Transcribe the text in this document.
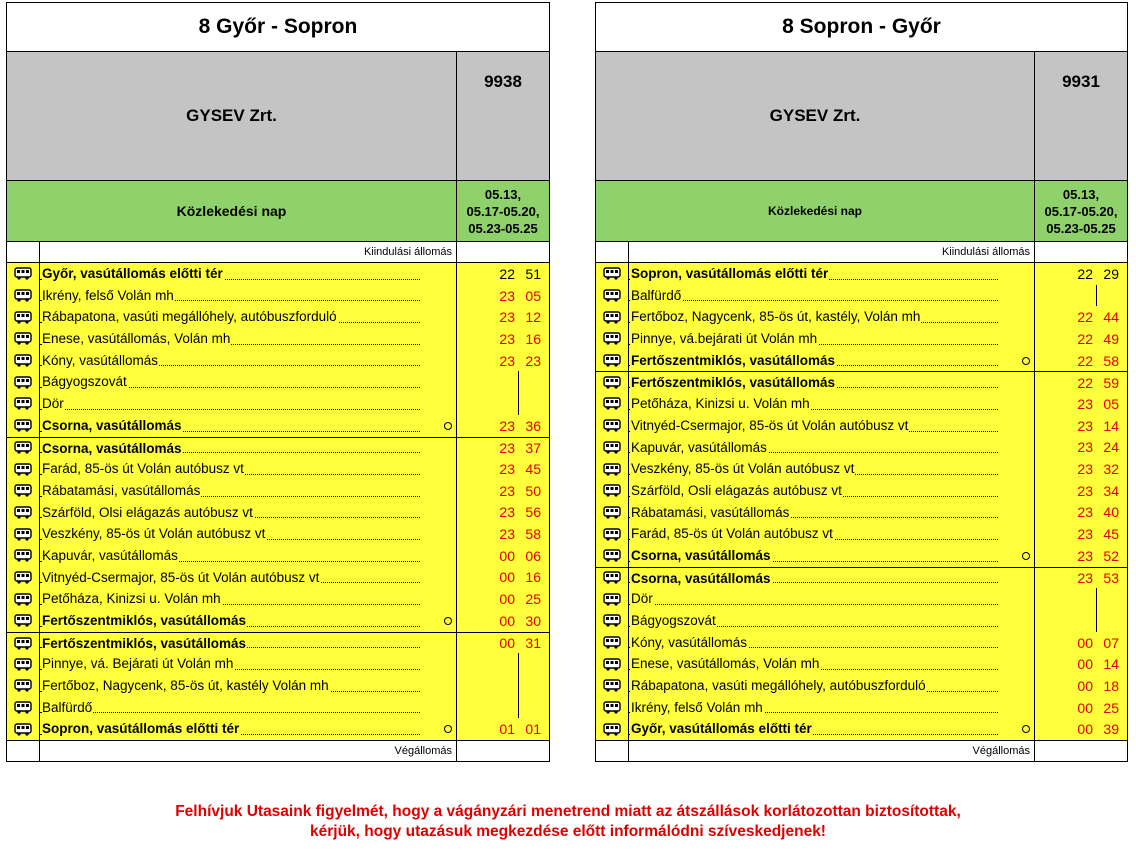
8 Győr - Sopron
GYSEV Zrt.
9938
Közlekedési nap
05.13,
05.17-05.20,
05.23-05.25
Kiindulási állomás
Győr, vasútállomás előtti tér	22 51
Ikrény, felső Volán mh	23 05
Rábapatona, vasúti megállóhely, autóbuszforduló	23 12
Enese, vasútállomás, Volán mh	23 16
Kóny, vasútállomás	23 23
Bágyogszovát
Dör
Csorna, vasútállomás	23 36
Csorna, vasútállomás	23 37
Farád, 85-ös út Volán autóbusz vt	23 45
Rábatamási, vasútállomás	23 50
Szárföld, Olsi elágazás autóbusz vt	23 56
Veszkény, 85-ös út Volán autóbusz vt	23 58
Kapuvár, vasútállomás	00 06
Vitnyéd-Csermajor, 85-ös út Volán autóbusz vt	00 16
Petőháza, Kinizsi u. Volán mh	00 25
Fertőszentmiklós, vasútállomás	00 30
Fertőszentmiklós, vasútállomás	00 31
Pinnye, vá. Bejárati út Volán mh
Fertőboz, Nagycenk, 85-ös út, kastély Volán mh
Balfürdő
Sopron, vasútállomás előtti tér	01 01
Végállomás
8 Sopron - Győr
GYSEV Zrt.
9931
Közlekedési nap
05.13,
05.17-05.20,
05.23-05.25
Kiindulási állomás
Sopron, vasútállomás előtti tér	22 29
Balfürdő
Fertőboz, Nagycenk, 85-ös út, kastély, Volán mh	22 44
Pinnye, vá.bejárati út Volán mh	22 49
Fertőszentmiklós, vasútállomás	22 58
Fertőszentmiklós, vasútállomás	22 59
Petőháza, Kinizsi u. Volán mh	23 05
Vitnyéd-Csermajor, 85-ös út Volán autóbusz vt	23 14
Kapuvár, vasútállomás	23 24
Veszkény, 85-ös út Volán autóbusz vt	23 32
Szárföld, Osli elágazás autóbusz vt	23 34
Rábatamási, vasútállomás	23 40
Farád, 85-ös út Volán autóbusz vt	23 45
Csorna, vasútállomás	23 52
Csorna, vasútállomás	23 53
Dör
Bágyogszovát
Kóny, vasútállomás	00 07
Enese, vasútállomás, Volán mh	00 14
Rábapatona, vasúti megállóhely, autóbuszforduló	00 18
Ikrény, felső Volán mh	00 25
Győr, vasútállomás előtti tér	00 39
Végállomás
Felhívjuk Utasaink figyelmét, hogy a vágányzári menetrend miatt az átszállások korlátozottan biztosítottak,
kérjük, hogy utazásuk megkezdése előtt informálódni szíveskedjenek!
